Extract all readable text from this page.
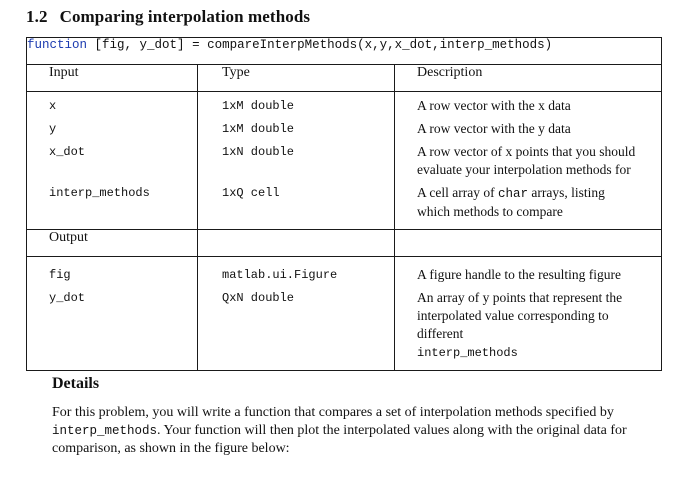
1.2 Comparing interpolation methods
function [fig, y_dot] = compareInterpMethods(x,y,x_dot,interp_methods)		
Input	Type	Description
x	1xM double	A row vector with the x data
y	1xM double	A row vector with the y data
x_dot	1xN double	A row vector of x points that you should evaluate your interpolation methods for
interp_methods	1xQ cell	A cell array of char arrays, listing which methods to compare
Output		

fig	matlab.ui.Figure	A figure handle to the resulting figure
y_dot	QxN double	An array of y points that represent the interpolated value corresponding to different
interp_methods
Details
For this problem, you will write a function that compares a set of interpolation methods specified by interp_methods. Your function will then plot the interpolated values along with the original data for comparison, as shown in the figure below:
